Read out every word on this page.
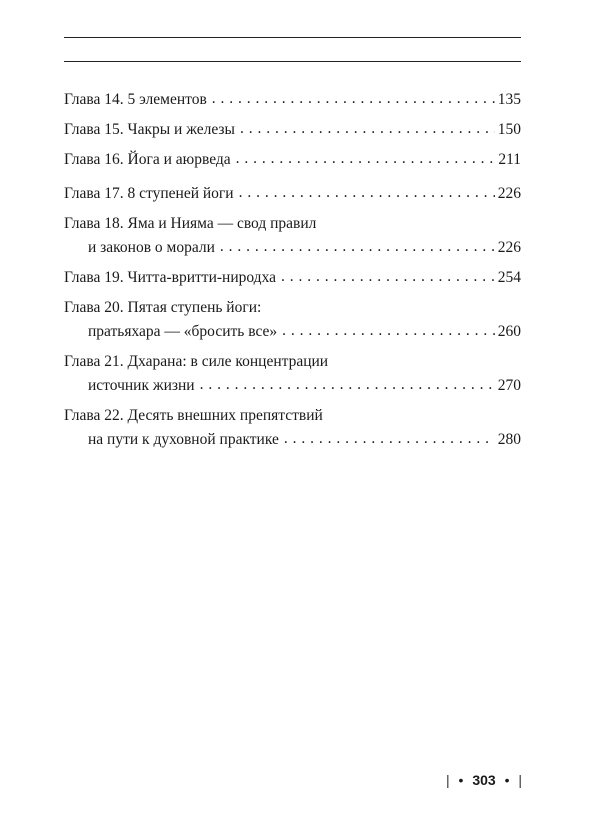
Глава 14. 5 элементов . . .	135
Глава 15. Чакры и железы . . .	150
Глава 16. Йога и аюрведа . . .	211
Глава 17. 8 ступеней йоги . . .	226
Глава 18. Яма и Нияма — свод правил
и законов о морали . . .	226
Глава 19. Читта-вритти-ниродха . . .	254
Глава 20. Пятая ступень йоги:
пратьяхара — «бросить все» . . .	260
Глава 21. Дхарана: в силе концентрации
источник жизни . . .	270
Глава 22. Десять внешних препятствий
на пути к духовной практике . . .	280
| • 303 • |
